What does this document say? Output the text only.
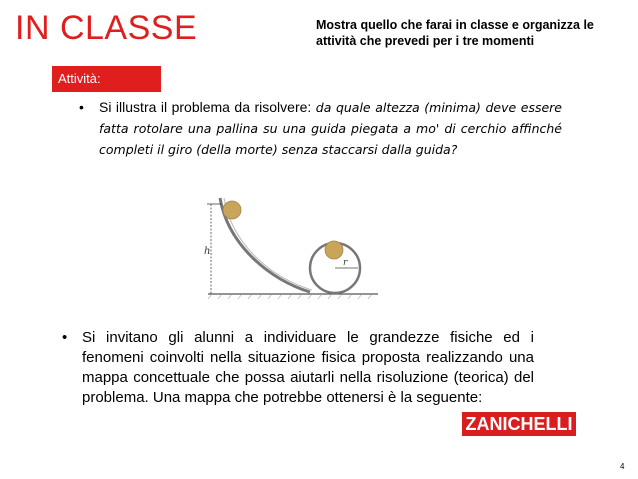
IN CLASSE	Mostra quello che farai in classe e organizza le attività che prevedi per i tre momenti
Attività:
• Si illustra il problema da risolvere: da quale altezza (minima) deve essere fatta rotolare una pallina su una guida piegata a mo' di cerchio affinché completi il giro (della morte) senza staccarsi dalla guida?
h
r
• Si invitano gli alunni a individuare le grandezze fisiche ed i fenomeni coinvolti nella situazione fisica proposta realizzando una mappa concettuale che possa aiutarli nella risoluzione (teorica) del problema. Una mappa che potrebbe ottenersi è la seguente:
ZANICHELLI
4
